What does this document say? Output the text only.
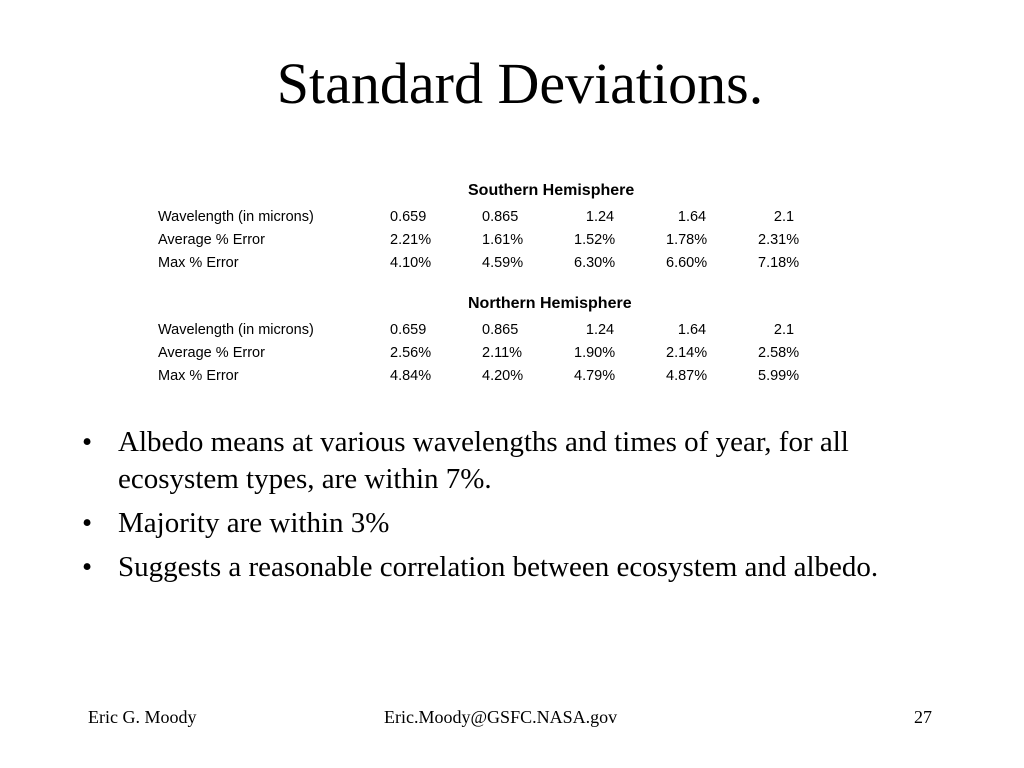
Standard Deviations.
Southern Hemisphere
Wavelength (in microns)	0.659	0.865	1.24	1.64	2.1
Average % Error	2.21%	1.61%	1.52%	1.78%	2.31%
Max % Error	4.10%	4.59%	6.30%	6.60%	7.18%
Northern Hemisphere
Wavelength (in microns)	0.659	0.865	1.24	1.64	2.1
Average % Error	2.56%	2.11%	1.90%	2.14%	2.58%
Max % Error	4.84%	4.20%	4.79%	4.87%	5.99%
• Albedo means at various wavelengths and times of year, for all ecosystem types, are within 7%.
• Majority are within 3%
• Suggests a reasonable correlation between ecosystem and albedo.
Eric G. Moody	Eric.Moody@GSFC.NASA.gov	27
